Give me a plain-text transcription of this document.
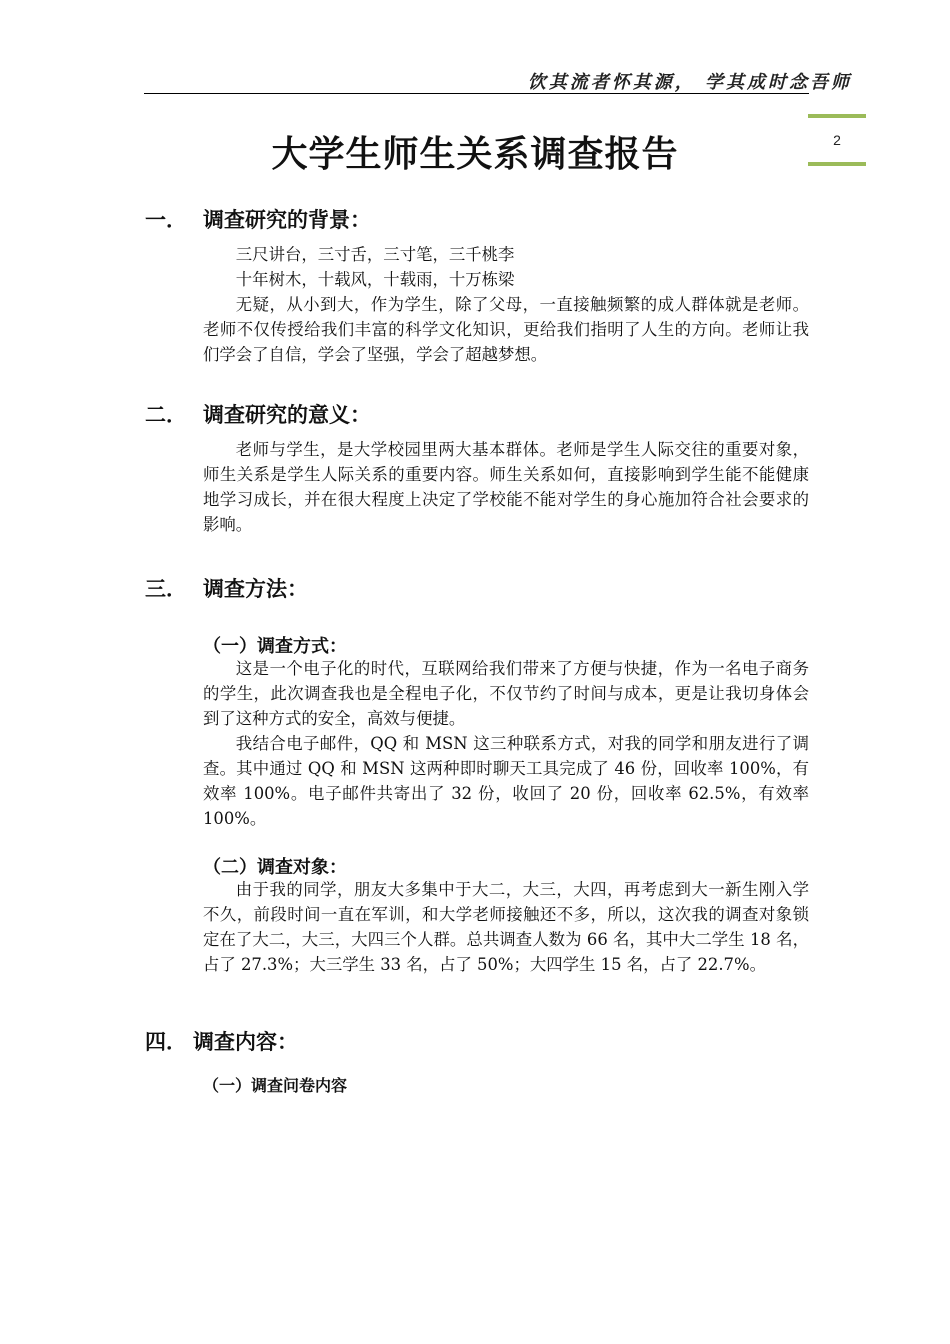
饮其流者怀其源， 学其成时念吾师
2
大学生师生关系调查报告
一． 调查研究的背景：

三尺讲台，三寸舌，三寸笔，三千桃李

十年树木，十载风，十载雨，十万栋梁

无疑，从小到大，作为学生，除了父母，一直接触频繁的成人群体就是老师。老师不仅传授给我们丰富的科学文化知识，更给我们指明了人生的方向。老师让我们学会了自信，学会了坚强，学会了超越梦想。

二． 调查研究的意义：

老师与学生，是大学校园里两大基本群体。老师是学生人际交往的重要对象，师生关系是学生人际关系的重要内容。师生关系如何，直接影响到学生能不能健康地学习成长，并在很大程度上决定了学校能不能对学生的身心施加符合社会要求的影响。

三． 调查方法：
（一）调查方式：

这是一个电子化的时代，互联网给我们带来了方便与快捷，作为一名电子商务的学生，此次调查我也是全程电子化，不仅节约了时间与成本，更是让我切身体会到了这种方式的安全，高效与便捷。

我结合电子邮件，QQ 和 MSN 这三种联系方式，对我的同学和朋友进行了调查。其中通过 QQ 和 MSN 这两种即时聊天工具完成了 46 份，回收率 100%，有效率 100%。电子邮件共寄出了 32 份，收回了 20 份，回收率 62.5%，有效率 100%。

（二）调查对象：

由于我的同学，朋友大多集中于大二，大三，大四，再考虑到大一新生刚入学不久，前段时间一直在军训，和大学老师接触还不多，所以，这次我的调查对象锁定在了大二，大三，大四三个人群。总共调查人数为 66 名，其中大二学生 18 名，占了 27.3%；大三学生 33 名，占了 50%；大四学生 15 名，占了 22.7%。

四． 调查内容：
（一）调查问卷内容
